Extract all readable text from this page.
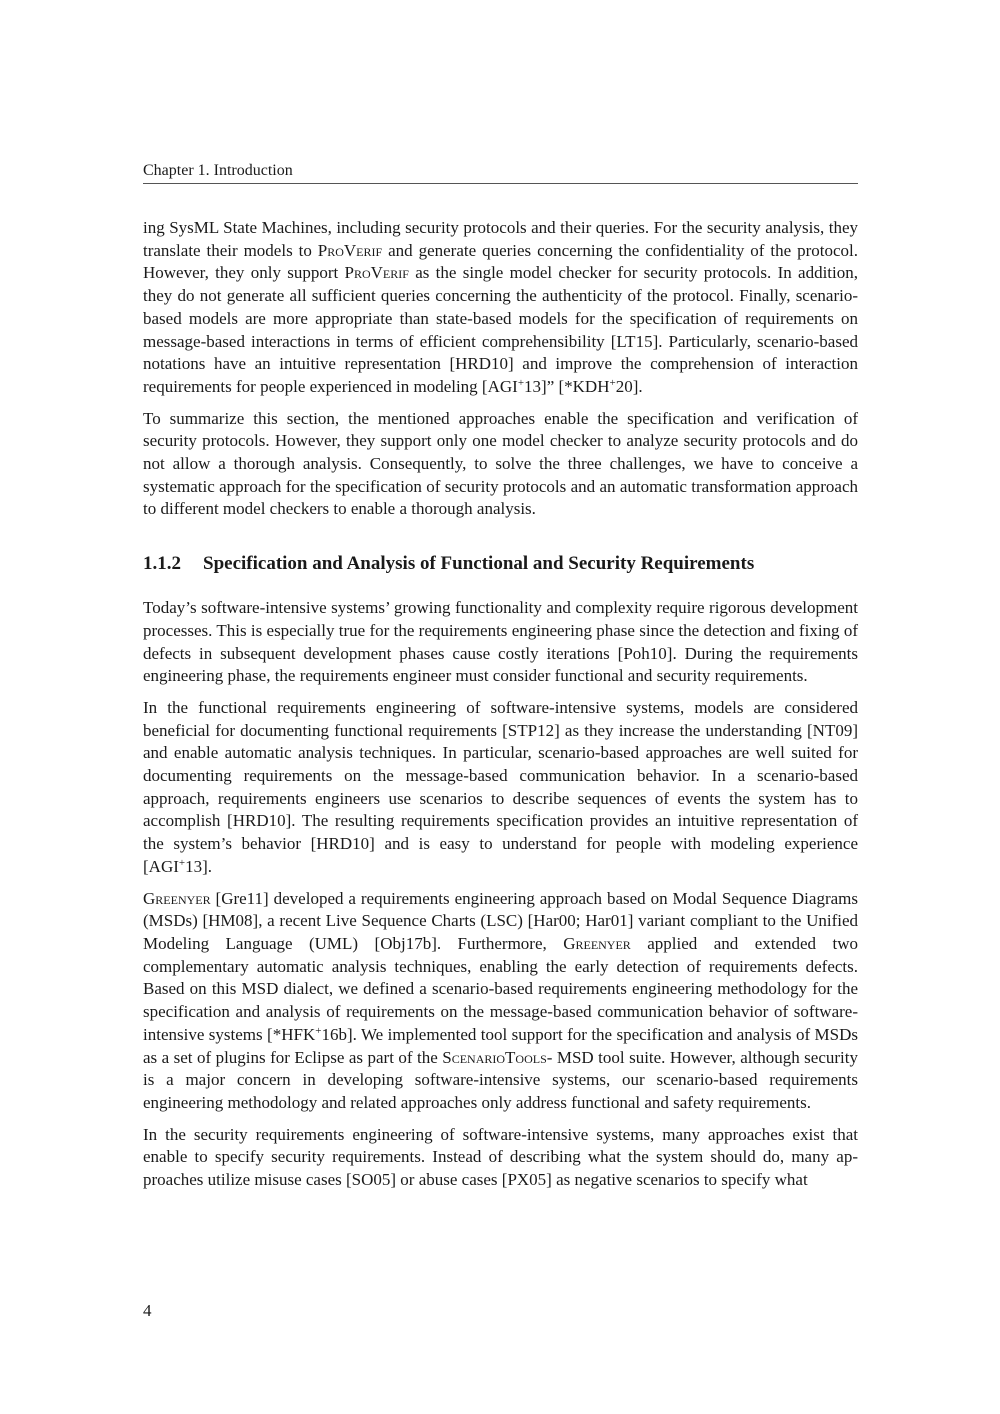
Chapter 1. Introduction

ing SysML State Machines, including security protocols and their queries. For the security analysis, they translate their models to ProVerif and generate queries concerning the confidentiality of the protocol. However, they only support ProVerif as the single model checker for security protocols. In addition, they do not generate all sufficient queries concerning the authenticity of the protocol. Finally, scenario-based models are more appropriate than state-based models for the specification of requirements on message-based interactions in terms of efficient comprehensibility [LT15]. Particularly, scenario-based notations have an intuitive representation [HRD10] and improve the comprehension of interaction requirements for people experienced in modeling [AGI+13]” [*KDH+20].

To summarize this section, the mentioned approaches enable the specification and verification of security protocols. However, they support only one model checker to analyze security protocols and do not allow a thorough analysis. Consequently, to solve the three challenges, we have to conceive a systematic approach for the specification of security protocols and an automatic transformation approach to different model checkers to enable a thorough analysis.

1.1.2	Specification and Analysis of Functional and Security Requirements

Today’s software-intensive systems’ growing functionality and complexity require rigorous development processes. This is especially true for the requirements engineering phase since the detection and fixing of defects in subsequent development phases cause costly iterations [Poh10]. During the requirements engineering phase, the requirements engineer must consider functional and security requirements.

In the functional requirements engineering of software-intensive systems, models are considered beneficial for documenting functional requirements [STP12] as they increase the understanding [NT09] and enable automatic analysis techniques. In particular, scenario-based approaches are well suited for documenting requirements on the message-based communication behavior. In a scenario-based approach, requirements engineers use scenarios to describe sequences of events the system has to accomplish [HRD10]. The resulting requirements specification provides an intuitive representation of the system’s behavior [HRD10] and is easy to understand for people with modeling experience [AGI+13].

Greenyer [Gre11] developed a requirements engineering approach based on Modal Sequence Diagrams (MSDs) [HM08], a recent Live Sequence Charts (LSC) [Har00; Har01] variant compliant to the Unified Modeling Language (UML) [Obj17b]. Furthermore, Greenyer applied and extended two complementary automatic analysis techniques, enabling the early detection of requirements defects. Based on this MSD dialect, we defined a scenario-based requirements engineering methodology for the specification and analysis of requirements on the message-based communication behavior of software-intensive systems [*HFK+16b]. We implemented tool support for the specification and analysis of MSDs as a set of plugins for Eclipse as part of the ScenarioTools- MSD tool suite. However, although security is a major concern in developing software-intensive systems, our scenario-based requirements engineering methodology and related approaches only address functional and safety requirements.

In the security requirements engineering of software-intensive systems, many approaches exist that enable to specify security requirements. Instead of describing what the system should do, many approaches utilize misuse cases [SO05] or abuse cases [PX05] as negative scenarios to specify what

4
